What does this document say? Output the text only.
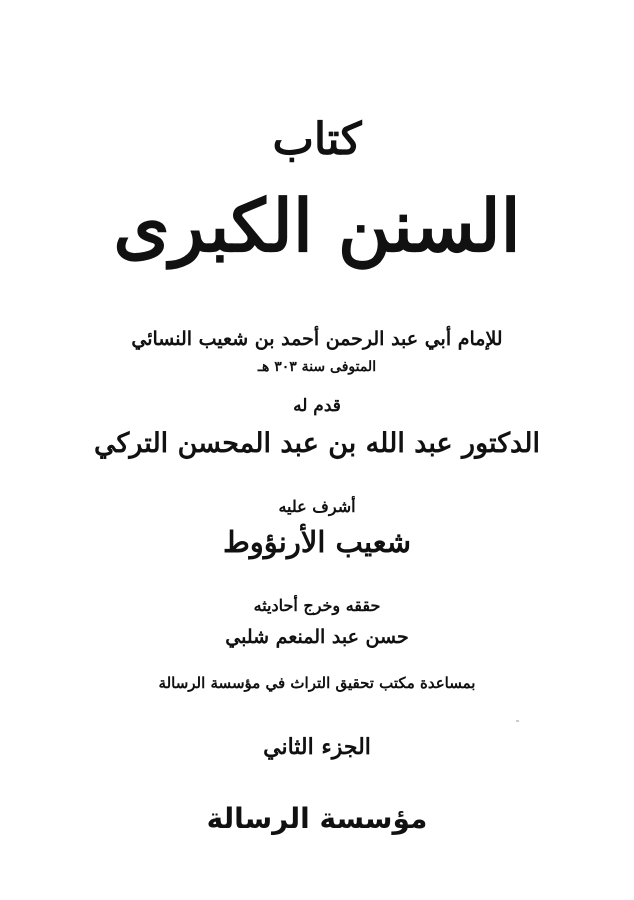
كتاب
السنن الكبرى
للإمام أبي عبد الرحمن أحمد بن شعيب النسائي
المتوفى سنة ٣٠٣ هـ
قدم له
الدكتور عبد الله بن عبد المحسن التركي
أشرف عليه
شعيب الأرنؤوط
حققه وخرج أحاديثه
حسن عبد المنعم شلبي
بمساعدة مكتب تحقيق التراث في مؤسسة الرسالة
الجزء الثاني
مؤسسة الرسالة
